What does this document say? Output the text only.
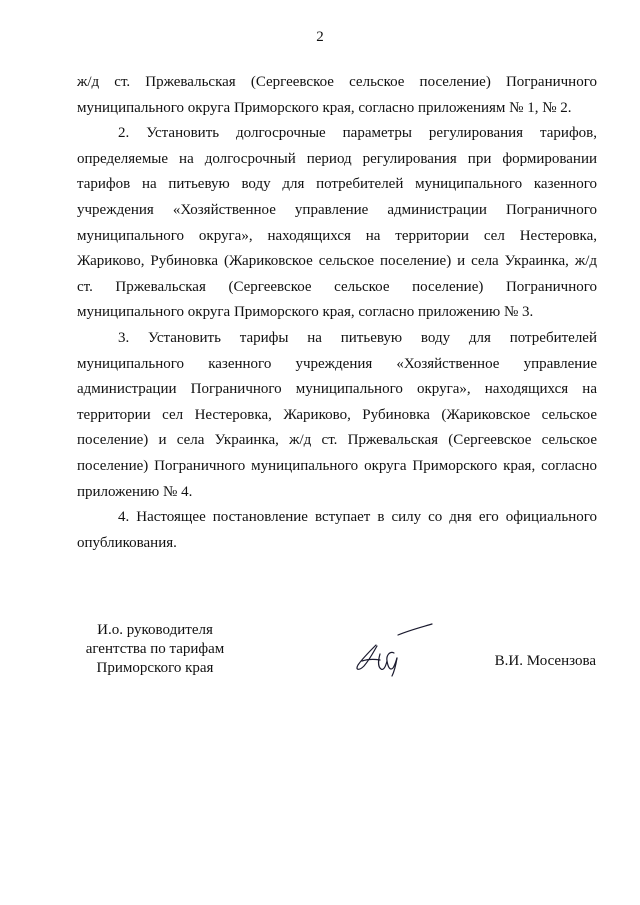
2

ж/д ст. Пржевальская (Сергеевское сельское поселение) Пограничного муниципального округа Приморского края, согласно приложениям № 1, № 2.

2. Установить долгосрочные параметры регулирования тарифов, определяемые на долгосрочный период регулирования при формировании тарифов на питьевую воду для потребителей муниципального казенного учреждения «Хозяйственное управление администрации Пограничного муниципального округа», находящихся на территории сел Нестеровка, Жариково, Рубиновка (Жариковское сельское поселение) и села Украинка, ж/д ст. Пржевальская (Сергеевское сельское поселение) Пограничного муниципального округа Приморского края, согласно приложению № 3.

3. Установить тарифы на питьевую воду для потребителей муниципального казенного учреждения «Хозяйственное управление администрации Пограничного муниципального округа», находящихся на территории сел Нестеровка, Жариково, Рубиновка (Жариковское сельское поселение) и села Украинка, ж/д ст. Пржевальская (Сергеевское сельское поселение) Пограничного муниципального округа Приморского края, согласно приложению № 4.

4. Настоящее постановление вступает в силу со дня его официального опубликования.

И.о. руководителя
агентства по тарифам
Приморского края	В.И. Мосензова
